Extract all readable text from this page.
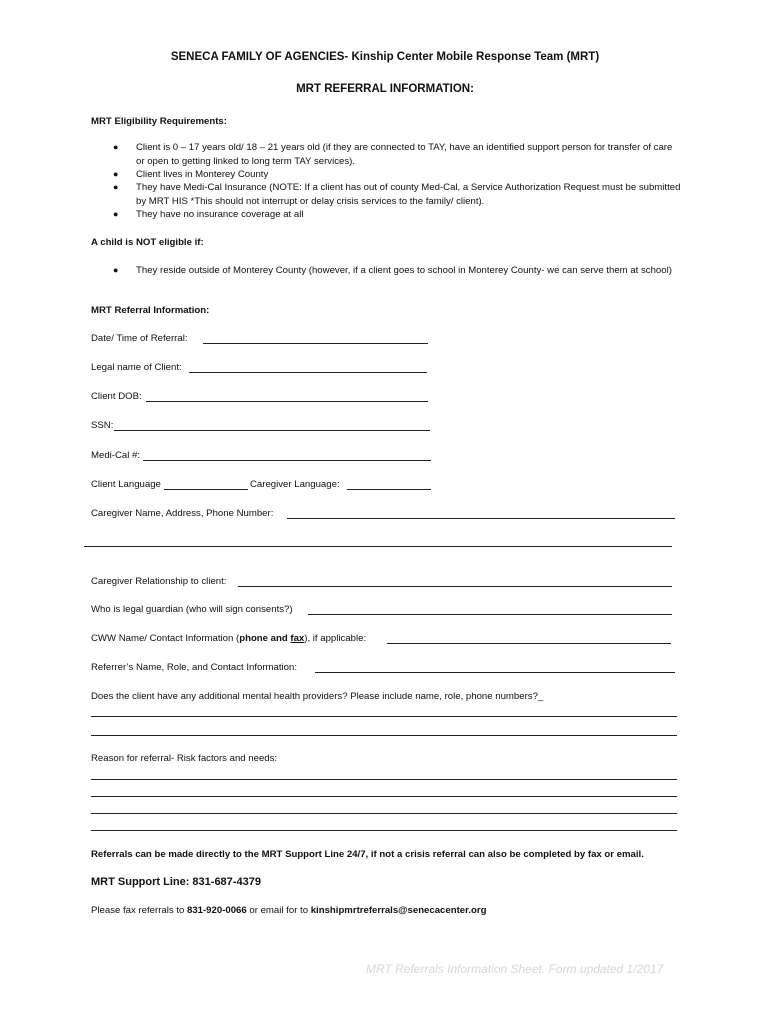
SENECA FAMILY OF AGENCIES- Kinship Center Mobile Response Team (MRT)
MRT REFERRAL INFORMATION:
MRT Eligibility Requirements:
● Client is 0 – 17 years old/ 18 – 21 years old (if they are connected to TAY, have an identified support person for transfer of care or open to getting linked to long term TAY services).
● Client lives in Monterey County
● They have Medi-Cal Insurance (NOTE: If a client has out of county Med-Cal, a Service Authorization Request must be submitted by MRT HIS *This should not interrupt or delay crisis services to the family/ client).
● They have no insurance coverage at all
A child is NOT eligible if:
● They reside outside of Monterey County (however, if a client goes to school in Monterey County- we can serve them at school)
MRT Referral Information:
Date/ Time of Referral:
Legal name of Client:
Client DOB:
SSN:
Medi-Cal #:
Client Language	Caregiver Language:
Caregiver Name, Address, Phone Number:
Caregiver Relationship to client:
Who is legal guardian (who will sign consents?)
CWW Name/ Contact Information (phone and fax), if applicable:
Referrer’s Name, Role, and Contact Information:
Does the client have any additional mental health providers? Please include name, role, phone numbers?_
Reason for referral- Risk factors and needs:
Referrals can be made directly to the MRT Support Line 24/7, if not a crisis referral can also be completed by fax or email.
MRT Support Line: 831-687-4379
Please fax referrals to 831-920-0066 or email for to kinshipmrtreferrals@senecacenter.org
MRT Referrals Information Sheet. Form updated 1/2017
